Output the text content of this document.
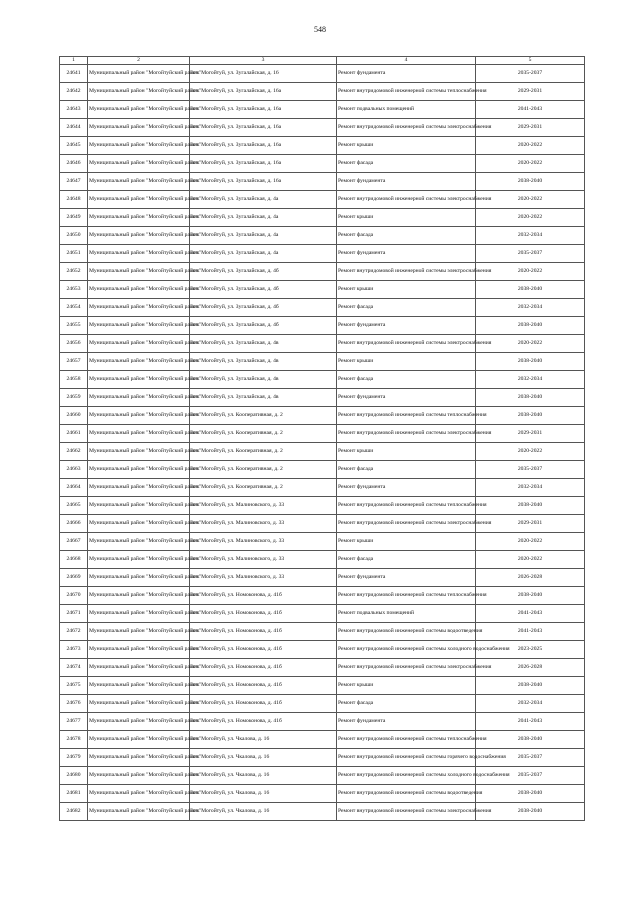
548
1	2	3	4	5
24641	Муниципальный район "Могойтуйский район"	пгт. Могойтуй, ул. Зугалайская, д. 16	Ремонт фундамента	2035-2037
24642	Муниципальный район "Могойтуйский район"	пгт. Могойтуй, ул. Зугалайская, д. 16а	Ремонт внутридомовой инженерной системы теплоснабжения	2029-2031
24643	Муниципальный район "Могойтуйский район"	пгт. Могойтуй, ул. Зугалайская, д. 16а	Ремонт подвальных помещений	2041-2043
24644	Муниципальный район "Могойтуйский район"	пгт. Могойтуй, ул. Зугалайская, д. 16а	Ремонт внутридомовой инженерной системы электроснабжения	2029-2031
24645	Муниципальный район "Могойтуйский район"	пгт. Могойтуй, ул. Зугалайская, д. 16а	Ремонт крыши	2020-2022
24646	Муниципальный район "Могойтуйский район"	пгт. Могойтуй, ул. Зугалайская, д. 16а	Ремонт фасада	2020-2022
24647	Муниципальный район "Могойтуйский район"	пгт. Могойтуй, ул. Зугалайская, д. 16а	Ремонт фундамента	2038-2040
24648	Муниципальный район "Могойтуйский район"	пгт. Могойтуй, ул. Зугалайская, д. 4а	Ремонт внутридомовой инженерной системы электроснабжения	2020-2022
24649	Муниципальный район "Могойтуйский район"	пгт. Могойтуй, ул. Зугалайская, д. 4а	Ремонт крыши	2020-2022
24650	Муниципальный район "Могойтуйский район"	пгт. Могойтуй, ул. Зугалайская, д. 4а	Ремонт фасада	2032-2034
24651	Муниципальный район "Могойтуйский район"	пгт. Могойтуй, ул. Зугалайская, д. 4а	Ремонт фундамента	2035-2037
24652	Муниципальный район "Могойтуйский район"	пгт. Могойтуй, ул. Зугалайская, д. 4б	Ремонт внутридомовой инженерной системы электроснабжения	2020-2022
24653	Муниципальный район "Могойтуйский район"	пгт. Могойтуй, ул. Зугалайская, д. 4б	Ремонт крыши	2038-2040
24654	Муниципальный район "Могойтуйский район"	пгт. Могойтуй, ул. Зугалайская, д. 4б	Ремонт фасада	2032-2034
24655	Муниципальный район "Могойтуйский район"	пгт. Могойтуй, ул. Зугалайская, д. 4б	Ремонт фундамента	2038-2040
24656	Муниципальный район "Могойтуйский район"	пгт. Могойтуй, ул. Зугалайская, д. 4в	Ремонт внутридомовой инженерной системы электроснабжения	2020-2022
24657	Муниципальный район "Могойтуйский район"	пгт. Могойтуй, ул. Зугалайская, д. 4в	Ремонт крыши	2038-2040
24658	Муниципальный район "Могойтуйский район"	пгт. Могойтуй, ул. Зугалайская, д. 4в	Ремонт фасада	2032-2034
24659	Муниципальный район "Могойтуйский район"	пгт. Могойтуй, ул. Зугалайская, д. 4в	Ремонт фундамента	2038-2040
24660	Муниципальный район "Могойтуйский район"	пгт. Могойтуй, ул. Кооперативная, д. 2	Ремонт внутридомовой инженерной системы теплоснабжения	2038-2040
24661	Муниципальный район "Могойтуйский район"	пгт. Могойтуй, ул. Кооперативная, д. 2	Ремонт внутридомовой инженерной системы электроснабжения	2029-2031
24662	Муниципальный район "Могойтуйский район"	пгт. Могойтуй, ул. Кооперативная, д. 2	Ремонт крыши	2020-2022
24663	Муниципальный район "Могойтуйский район"	пгт. Могойтуй, ул. Кооперативная, д. 2	Ремонт фасада	2035-2037
24664	Муниципальный район "Могойтуйский район"	пгт. Могойтуй, ул. Кооперативная, д. 2	Ремонт фундамента	2032-2034
24665	Муниципальный район "Могойтуйский район"	пгт. Могойтуй, ул. Малиновского, д. 33	Ремонт внутридомовой инженерной системы теплоснабжения	2038-2040
24666	Муниципальный район "Могойтуйский район"	пгт. Могойтуй, ул. Малиновского, д. 33	Ремонт внутридомовой инженерной системы электроснабжения	2029-2031
24667	Муниципальный район "Могойтуйский район"	пгт. Могойтуй, ул. Малиновского, д. 33	Ремонт крыши	2020-2022
24668	Муниципальный район "Могойтуйский район"	пгт. Могойтуй, ул. Малиновского, д. 33	Ремонт фасада	2020-2022
24669	Муниципальный район "Могойтуйский район"	пгт. Могойтуй, ул. Малиновского, д. 33	Ремонт фундамента	2026-2028
24670	Муниципальный район "Могойтуйский район"	пгт. Могойтуй, ул. Номоконова, д. 41б	Ремонт внутридомовой инженерной системы теплоснабжения	2038-2040
24671	Муниципальный район "Могойтуйский район"	пгт. Могойтуй, ул. Номоконова, д. 41б	Ремонт подвальных помещений	2041-2043
24672	Муниципальный район "Могойтуйский район"	пгт. Могойтуй, ул. Номоконова, д. 41б	Ремонт внутридомовой инженерной системы водоотведения	2041-2043
24673	Муниципальный район "Могойтуйский район"	пгт. Могойтуй, ул. Номоконова, д. 41б	Ремонт внутридомовой инженерной системы холодного водоснабжения	2023-2025
24674	Муниципальный район "Могойтуйский район"	пгт. Могойтуй, ул. Номоконова, д. 41б	Ремонт внутридомовой инженерной системы электроснабжения	2026-2028
24675	Муниципальный район "Могойтуйский район"	пгт. Могойтуй, ул. Номоконова, д. 41б	Ремонт крыши	2038-2040
24676	Муниципальный район "Могойтуйский район"	пгт. Могойтуй, ул. Номоконова, д. 41б	Ремонт фасада	2032-2034
24677	Муниципальный район "Могойтуйский район"	пгт. Могойтуй, ул. Номоконова, д. 41б	Ремонт фундамента	2041-2043
24678	Муниципальный район "Могойтуйский район"	пгт. Могойтуй, ул. Чкалова, д. 16	Ремонт внутридомовой инженерной системы теплоснабжения	2038-2040
24679	Муниципальный район "Могойтуйский район"	пгт. Могойтуй, ул. Чкалова, д. 16	Ремонт внутридомовой инженерной системы горячего водоснабжения	2035-2037
24680	Муниципальный район "Могойтуйский район"	пгт. Могойтуй, ул. Чкалова, д. 16	Ремонт внутридомовой инженерной системы холодного водоснабжения	2035-2037
24681	Муниципальный район "Могойтуйский район"	пгт. Могойтуй, ул. Чкалова, д. 16	Ремонт внутридомовой инженерной системы водоотведения	2038-2040
24682	Муниципальный район "Могойтуйский район"	пгт. Могойтуй, ул. Чкалова, д. 16	Ремонт внутридомовой инженерной системы электроснабжения	2038-2040
